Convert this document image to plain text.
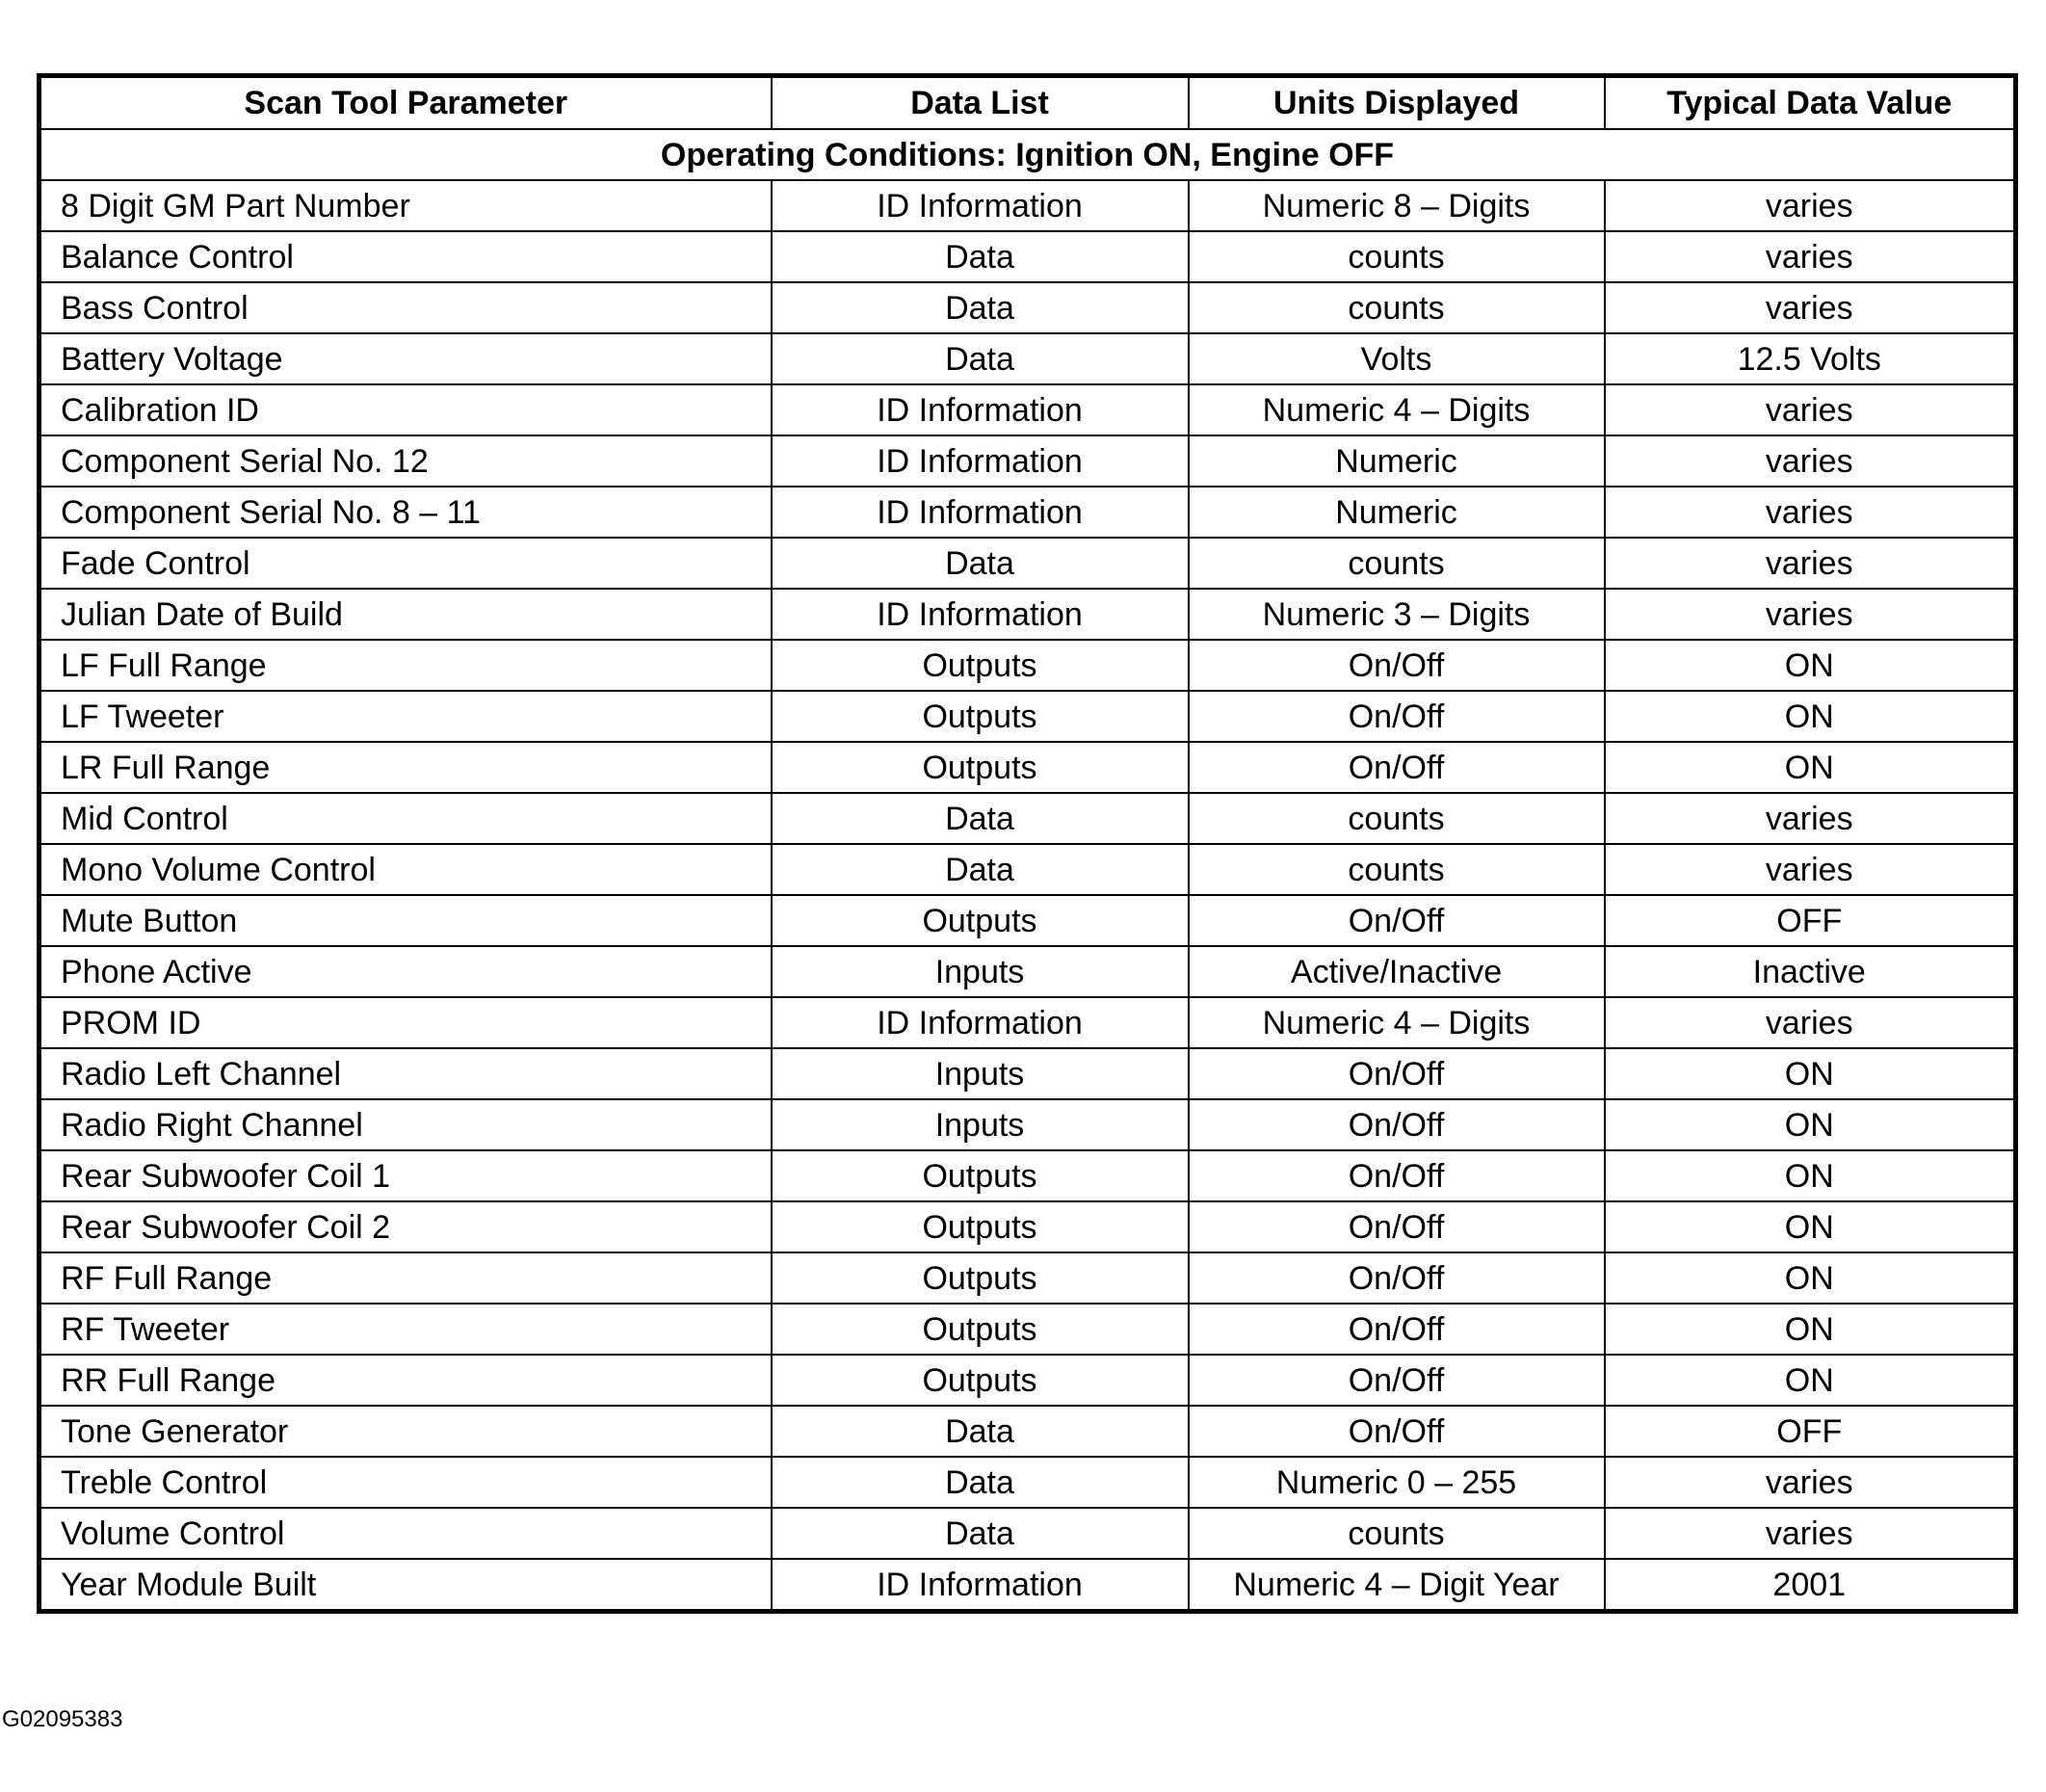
Scan Tool Parameter	Data List	Units Displayed	Typical Data Value
Operating Conditions: Ignition ON, Engine OFF			
8 Digit GM Part Number	ID Information	Numeric 8 – Digits	varies
Balance Control	Data	counts	varies
Bass Control	Data	counts	varies
Battery Voltage	Data	Volts	12.5 Volts
Calibration ID	ID Information	Numeric 4 – Digits	varies
Component Serial No. 12	ID Information	Numeric	varies
Component Serial No. 8 – 11	ID Information	Numeric	varies
Fade Control	Data	counts	varies
Julian Date of Build	ID Information	Numeric 3 – Digits	varies
LF Full Range	Outputs	On/Off	ON
LF Tweeter	Outputs	On/Off	ON
LR Full Range	Outputs	On/Off	ON
Mid Control	Data	counts	varies
Mono Volume Control	Data	counts	varies
Mute Button	Outputs	On/Off	OFF
Phone Active	Inputs	Active/Inactive	Inactive
PROM ID	ID Information	Numeric 4 – Digits	varies
Radio Left Channel	Inputs	On/Off	ON
Radio Right Channel	Inputs	On/Off	ON
Rear Subwoofer Coil 1	Outputs	On/Off	ON
Rear Subwoofer Coil 2	Outputs	On/Off	ON
RF Full Range	Outputs	On/Off	ON
RF Tweeter	Outputs	On/Off	ON
RR Full Range	Outputs	On/Off	ON
Tone Generator	Data	On/Off	OFF
Treble Control	Data	Numeric 0 – 255	varies
Volume Control	Data	counts	varies
Year Module Built	ID Information	Numeric 4 – Digit Year	2001
G02095383
